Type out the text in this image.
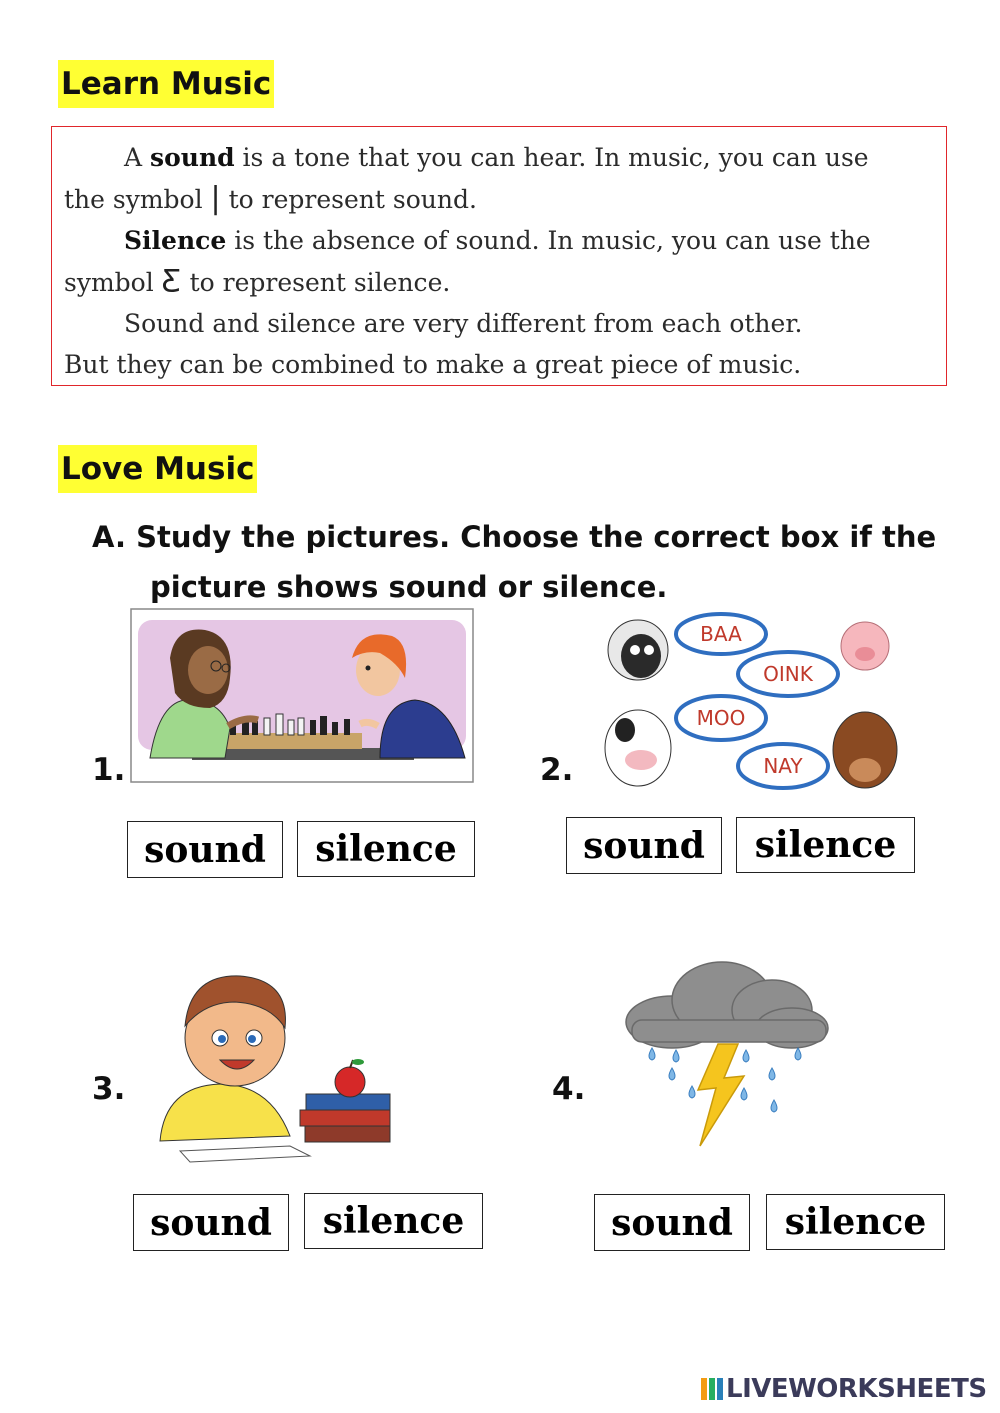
Learn Music

A sound is a tone that you can hear. In music, you can use

the symbol | to represent sound.

Silence is the absence of sound. In music, you can use the

symbol Ƹ to represent silence.

Sound and silence are very different from each other.

But they can be combined to make a great piece of music.

Love Music
A. Study the pictures. Choose the correct box if the
picture shows sound or silence.
1.
sound	silence
2.
BAA
OINK
MOO
NAY
sound	silence
3.
sound	silence
4.
sound	silence
LIVEWORKSHEETS
